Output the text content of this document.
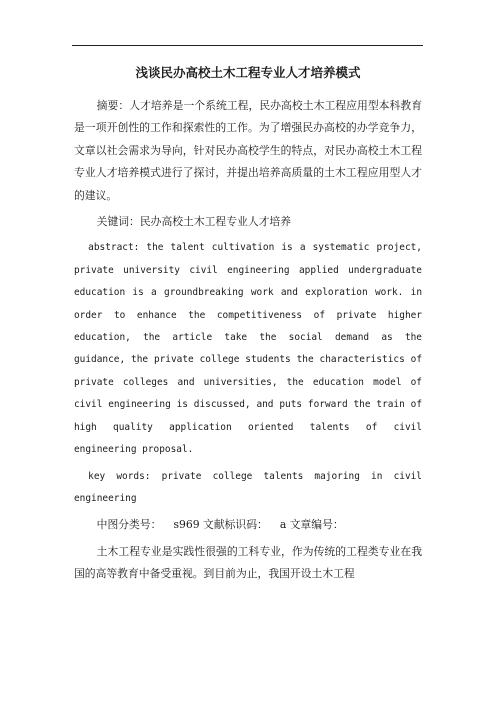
浅谈民办高校土木工程专业人才培养模式

摘要：人才培养是一个系统工程，民办高校土木工程应用型本科教育是一项开创性的工作和探索性的工作。为了增强民办高校的办学竞争力，文章以社会需求为导向，针对民办高校学生的特点，对民办高校土木工程专业人才培养模式进行了探讨，并提出培养高质量的土木工程应用型人才的建议。

关键词：民办高校土木工程专业人才培养

abstract: the talent cultivation is a systematic project, private university civil engineering applied undergraduate education is a groundbreaking work and exploration work. in order to enhance the competitiveness of private higher education, the article take the social demand as the guidance, the private college students the characteristics of private colleges and universities, the education model of civil engineering is discussed, and puts forward the train of high quality application oriented talents of civil engineering proposal.

key words: private college talents majoring in civil engineering

中图分类号： s969 文献标识码： a 文章编号：

土木工程专业是实践性很强的工科专业，作为传统的工程类专业在我国的高等教育中备受重视。到目前为止，我国开设土木工程
